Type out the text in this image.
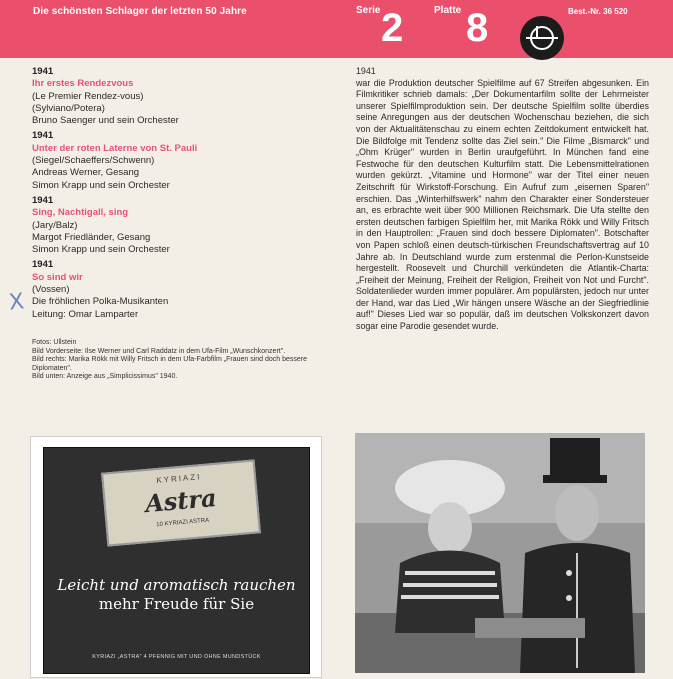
Die schönsten Schlager der letzten 50 Jahre	Serie 2	Platte 8	Best.-Nr. 36 520
1941
Ihr erstes Rendezvous
(Le Premier Rendez-vous)
(Sylviano/Potera)
Bruno Saenger und sein Orchester
1941
Unter der roten Laterne von St. Pauli
(Siegel/Schaeffers/Schwenn)
Andreas Werner, Gesang
Simon Krapp und sein Orchester
1941
Sing, Nachtigall, sing
(Jary/Balz)
Margot Friedländer, Gesang
Simon Krapp und sein Orchester
1941
So sind wir
(Vossen)
Die fröhlichen Polka-Musikanten
Leitung: Omar Lamparter
Fotos: Ullstein
Bild Vorderseite: Ilse Werner und Carl Raddatz in dem Ufa-Film „Wunschkonzert".
Bild rechts: Marika Rökk mit Willy Fritsch in dem Ufa-Farbfilm „Frauen sind doch bessere Diplomaten".
Bild unten: Anzeige aus „Simplicissimus" 1940.
X
1941
war die Produktion deutscher Spielfilme auf 67 Streifen abgesunken. Ein Filmkritiker schrieb damals: „Der Dokumentarfilm sollte der Lehrmeister unserer Spielfilmproduktion sein. Der deutsche Spielfilm sollte überdies seine Anregungen aus der deutschen Wochenschau beziehen, die sich von der Aktualitätenschau zu einem echten Zeitdokument entwickelt hat. Die Bildfolge mit Tendenz sollte das Ziel sein." Die Filme „Bismarck" und „Ohm Krüger" wurden in Berlin uraufgeführt. In München fand eine Festwoche für den deutschen Kulturfilm statt. Die Lebensmittelrationen wurden gekürzt. „Vitamine und Hormone" war der Titel einer neuen Zeitschrift für Wirkstoff-Forschung. Ein Aufruf zum „eisernen Sparen" erschien. Das „Winterhilfswerk" nahm den Charakter einer Sondersteuer an, es erbrachte weit über 900 Millionen Reichsmark. Die Ufa stellte den ersten deutschen farbigen Spielfilm her, mit Marika Rökk und Willy Fritsch in den Hauptrollen: „Frauen sind doch bessere Diplomaten". Botschafter von Papen schloß einen deutsch-türkischen Freundschaftsvertrag auf 10 Jahre ab. In Deutschland wurde zum erstenmal die Perlon-Kunstseide hergestellt. Roosevelt und Churchill verkündeten die Atlantik-Charta: „Freiheit der Meinung, Freiheit der Religion, Freiheit von Not und Furcht". Soldatenlieder wurden immer populärer. Am populärsten, jedoch nur unter der Hand, war das Lied „Wir hängen unsere Wäsche an der Siegfriedlinie auf!" Dieses Lied war so populär, daß im deutschen Volkskonzert davon sogar eine Parodie gesendet wurde.
KYRIAZI
Astra
10 KYRIAZI ASTRA
Leicht und aromatisch rauchen
mehr Freude für Sie
KYRIAZI „ASTRA" 4 PFENNIG MIT UND OHNE MUNDSTÜCK
